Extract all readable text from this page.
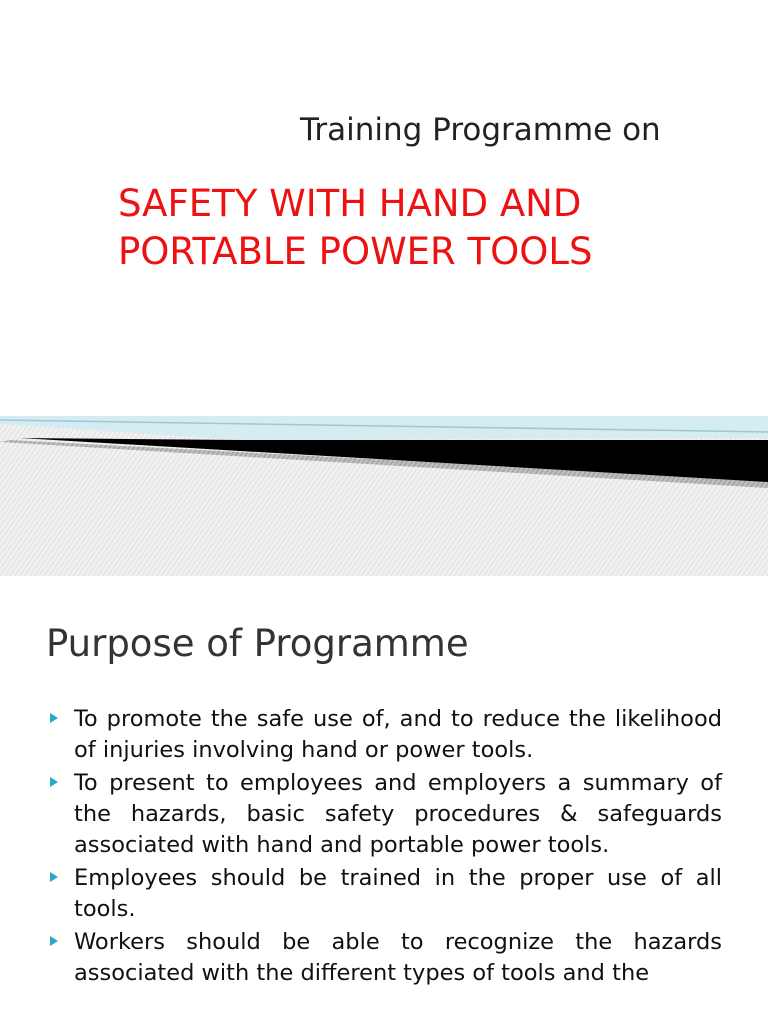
Training Programme on
SAFETY WITH HAND AND
PORTABLE POWER TOOLS
Purpose of Programme
To promote the safe use of, and to reduce the likelihood of injuries involving hand or power tools.
To present to employees and employers a summary of the hazards, basic safety procedures & safeguards associated with hand and portable power tools.
Employees should be trained in the proper use of all tools.
Workers should be able to recognize the hazards associated with the different types of tools and the
